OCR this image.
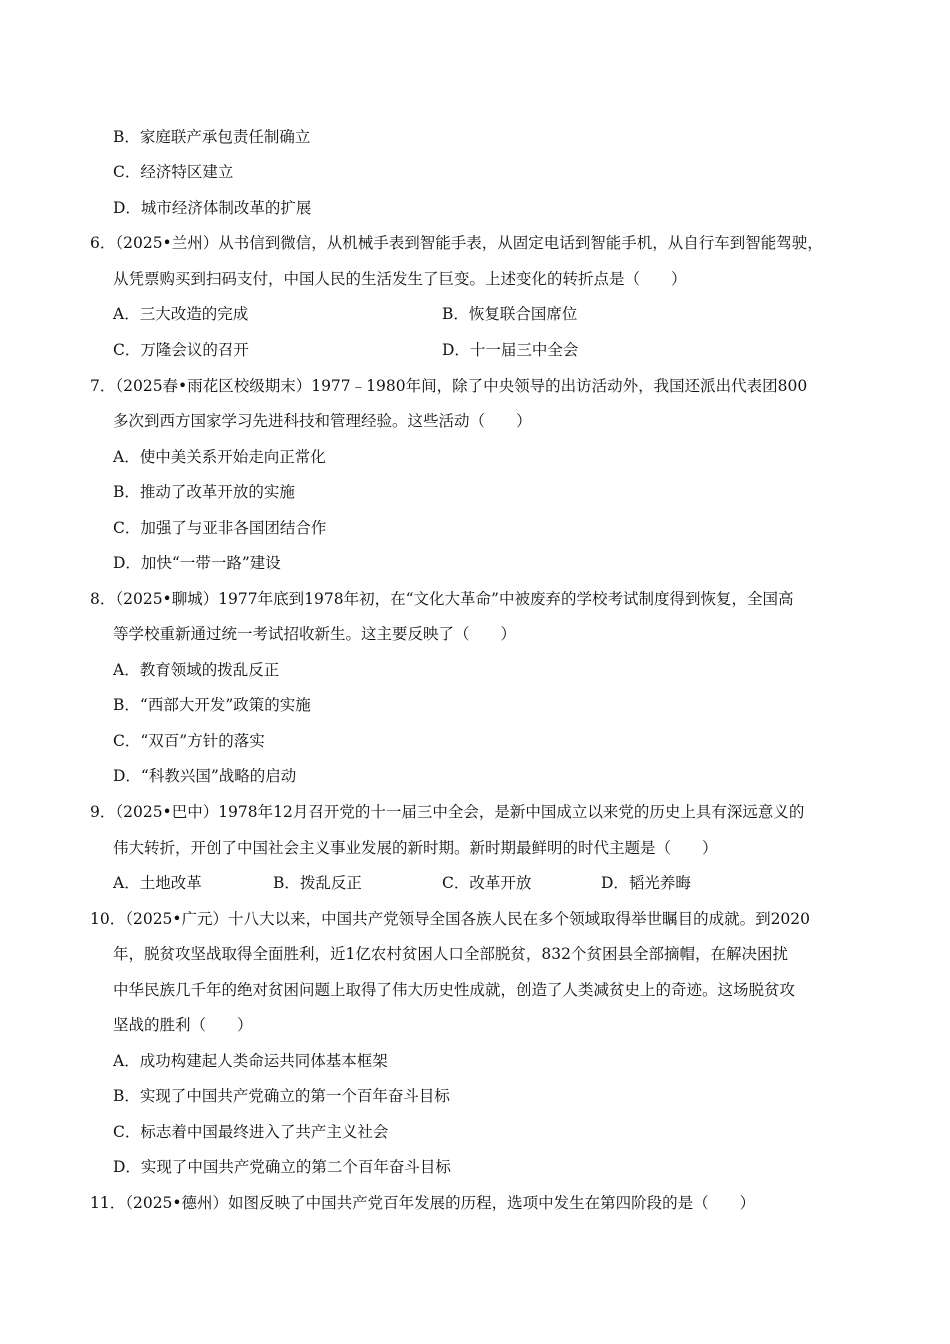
B．家庭联产承包责任制确立
C．经济特区建立
D．城市经济体制改革的扩展
6．（2025•兰州）从书信到微信，从机械手表到智能手表，从固定电话到智能手机，从自行车到智能驾驶，
从凭票购买到扫码支付，中国人民的生活发生了巨变。上述变化的转折点是（　　）
A．三大改造的完成	B．恢复联合国席位
C．万隆会议的召开	D．十一届三中全会
7．（2025春•雨花区校级期末）1977﹣1980年间，除了中央领导的出访活动外，我国还派出代表团800
多次到西方国家学习先进科技和管理经验。这些活动（　　）
A．使中美关系开始走向正常化
B．推动了改革开放的实施
C．加强了与亚非各国团结合作
D．加快“一带一路”建设
8．（2025•聊城）1977年底到1978年初，在“文化大革命”中被废弃的学校考试制度得到恢复，全国高
等学校重新通过统一考试招收新生。这主要反映了（　　）
A．教育领域的拨乱反正
B．“西部大开发”政策的实施
C．“双百”方针的落实
D．“科教兴国”战略的启动
9．（2025•巴中）1978年12月召开党的十一届三中全会，是新中国成立以来党的历史上具有深远意义的
伟大转折，开创了中国社会主义事业发展的新时期。新时期最鲜明的时代主题是（　　）
A．土地改革	B．拨乱反正	C．改革开放	D．韬光养晦
10．（2025•广元）十八大以来，中国共产党领导全国各族人民在多个领域取得举世瞩目的成就。到2020
年，脱贫攻坚战取得全面胜利，近1亿农村贫困人口全部脱贫，832个贫困县全部摘帽，在解决困扰
中华民族几千年的绝对贫困问题上取得了伟大历史性成就，创造了人类减贫史上的奇迹。这场脱贫攻
坚战的胜利（　　）
A．成功构建起人类命运共同体基本框架
B．实现了中国共产党确立的第一个百年奋斗目标
C．标志着中国最终进入了共产主义社会
D．实现了中国共产党确立的第二个百年奋斗目标
11．（2025•德州）如图反映了中国共产党百年发展的历程，选项中发生在第四阶段的是（　　）
